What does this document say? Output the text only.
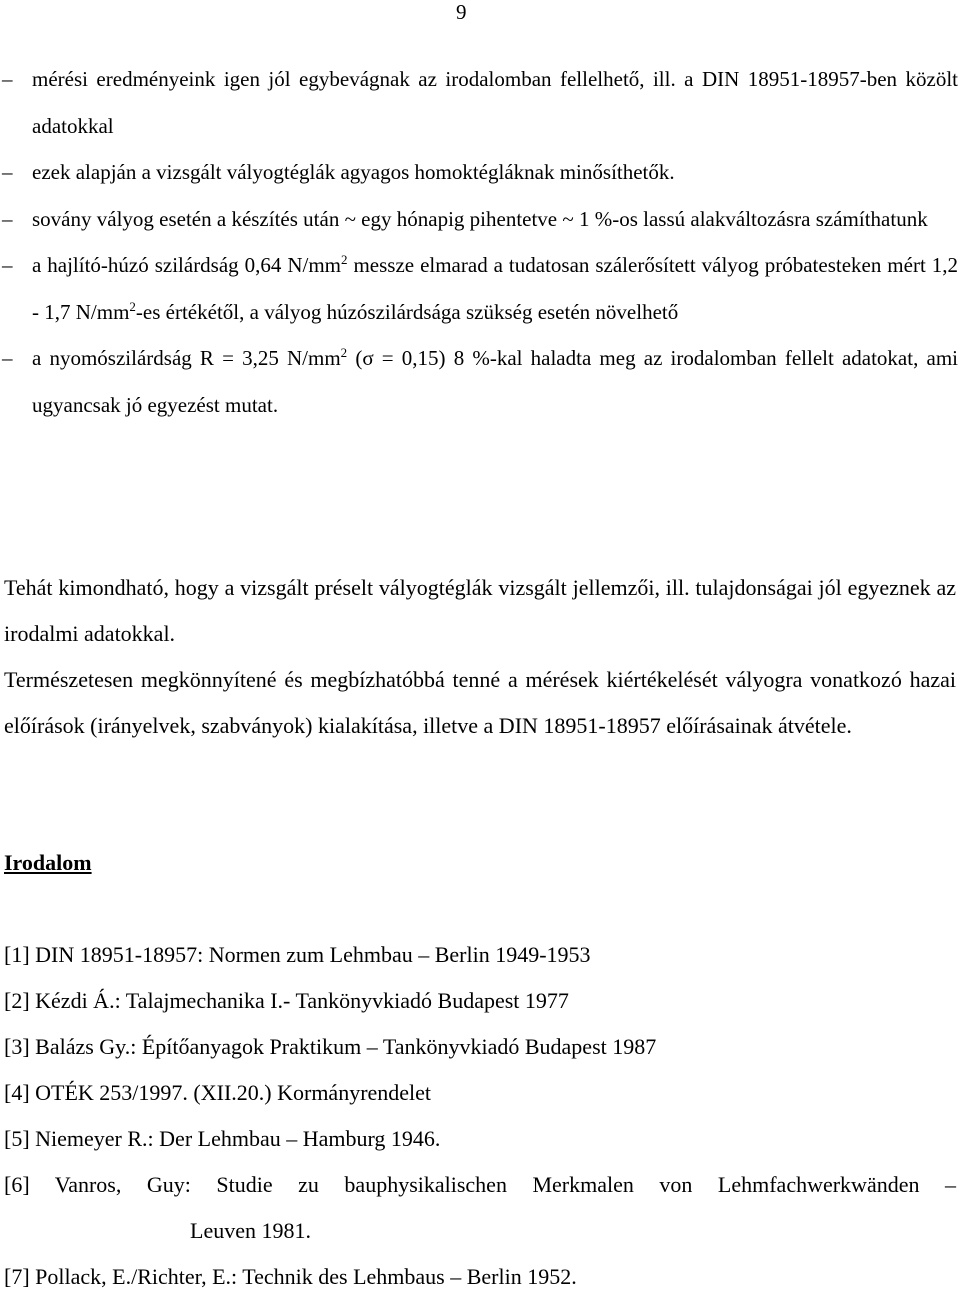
9
– mérési eredményeink igen jól egybevágnak az irodalomban fellelhető, ill. a DIN 18951-18957-ben közölt adatokkal
– ezek alapján a vizsgált vályogtéglák agyagos homoktégláknak minősíthetők.
– sovány vályog esetén a készítés után ~ egy hónapig pihentetve ~ 1 %-os lassú alakváltozásra számíthatunk
– a hajlító-húzó szilárdság 0,64 $N/mm^2$ messze elmarad a tudatosan szálerősített vályog próbatesteken mért 1,2 - 1,7 $N/mm^2-es$ értékétől, a vályog húzószilárdsága szükség esetén növelhető
– a nyomószilárdság R = 3,25 $N/mm^2$ (σ = 0,15) 8 %-kal haladta meg az irodalomban fellelt adatokat, ami ugyancsak jó egyezést mutat.

Tehát kimondható, hogy a vizsgált préselt vályogtéglák vizsgált jellemzői, ill. tulajdonságai jól egyeznek az irodalmi adatokkal.

Természetesen megkönnyítené és megbízhatóbbá tenné a mérések kiértékelését vályogra vonatkozó hazai előírások (irányelvek, szabványok) kialakítása, illetve a DIN 18951-18957 előírásainak átvétele.

Irodalom
[1] DIN 18951-18957: Normen zum Lehmbau – Berlin 1949-1953
[2] Kézdi Á.: Talajmechanika I.- Tankönyvkiadó Budapest 1977
[3] Balázs Gy.: Építőanyagok Praktikum – Tankönyvkiadó Budapest 1987
[4] OTÉK 253/1997. (XII.20.) Kormányrendelet
[5] Niemeyer R.: Der Lehmbau – Hamburg 1946.
[6] Vanros, Guy: Studie zu bauphysikalischen Merkmalen von Lehmfachwerkwänden –
Leuven 1981.
[7] Pollack, E./Richter, E.: Technik des Lehmbaus – Berlin 1952.
